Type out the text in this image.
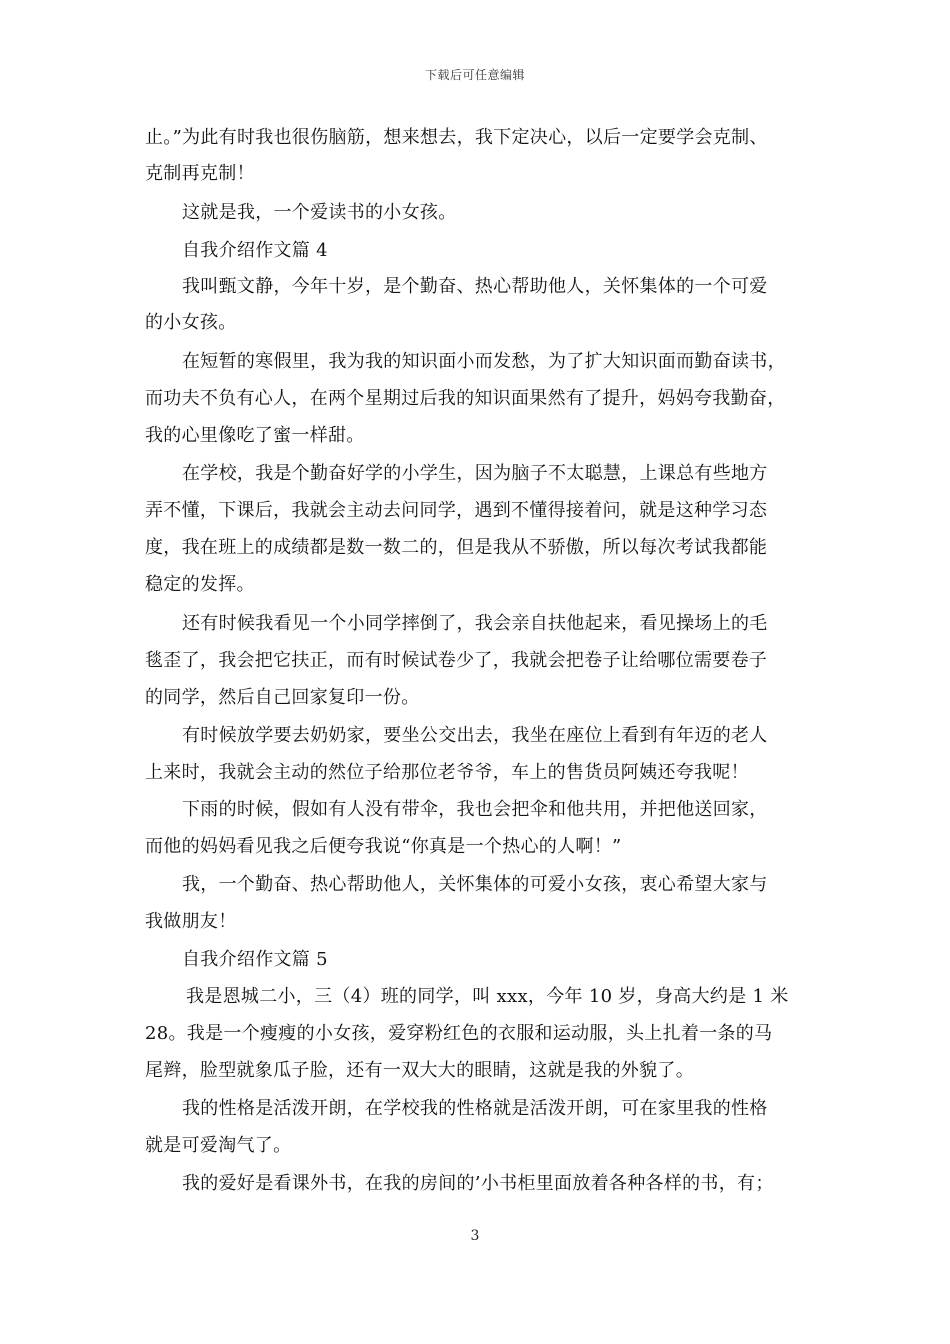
下载后可任意编辑
止。”为此有时我也很伤脑筋，想来想去，我下定决心，以后一定要学会克制、
克制再克制！
这就是我，一个爱读书的小女孩。
自我介绍作文篇 4
我叫甄文静，今年十岁，是个勤奋、热心帮助他人，关怀集体的一个可爱
的小女孩。
在短暂的寒假里，我为我的知识面小而发愁，为了扩大知识面而勤奋读书，
而功夫不负有心人，在两个星期过后我的知识面果然有了提升，妈妈夸我勤奋，
我的心里像吃了蜜一样甜。
在学校，我是个勤奋好学的小学生，因为脑子不太聪慧，上课总有些地方
弄不懂，下课后，我就会主动去问同学，遇到不懂得接着问，就是这种学习态
度，我在班上的成绩都是数一数二的，但是我从不骄傲，所以每次考试我都能
稳定的发挥。
还有时候我看见一个小同学摔倒了，我会亲自扶他起来，看见操场上的毛
毯歪了，我会把它扶正，而有时候试卷少了，我就会把卷子让给哪位需要卷子
的同学，然后自己回家复印一份。
有时候放学要去奶奶家，要坐公交出去，我坐在座位上看到有年迈的老人
上来时，我就会主动的然位子给那位老爷爷，车上的售货员阿姨还夸我呢！
下雨的时候，假如有人没有带伞，我也会把伞和他共用，并把他送回家，
而他的妈妈看见我之后便夸我说“你真是一个热心的人啊！”
我，一个勤奋、热心帮助他人，关怀集体的可爱小女孩，衷心希望大家与
我做朋友！
自我介绍作文篇 5
我是恩城二小，三（4）班的同学，叫 xxx，今年 10 岁，身高大约是 1 米
28。我是一个瘦瘦的小女孩，爱穿粉红色的衣服和运动服，头上扎着一条的马
尾辫，脸型就象瓜子脸，还有一双大大的眼睛，这就是我的外貌了。
我的性格是活泼开朗，在学校我的性格就是活泼开朗，可在家里我的性格
就是可爱淘气了。
我的爱好是看课外书，在我的房间的’小书柜里面放着各种各样的书，有；
3
